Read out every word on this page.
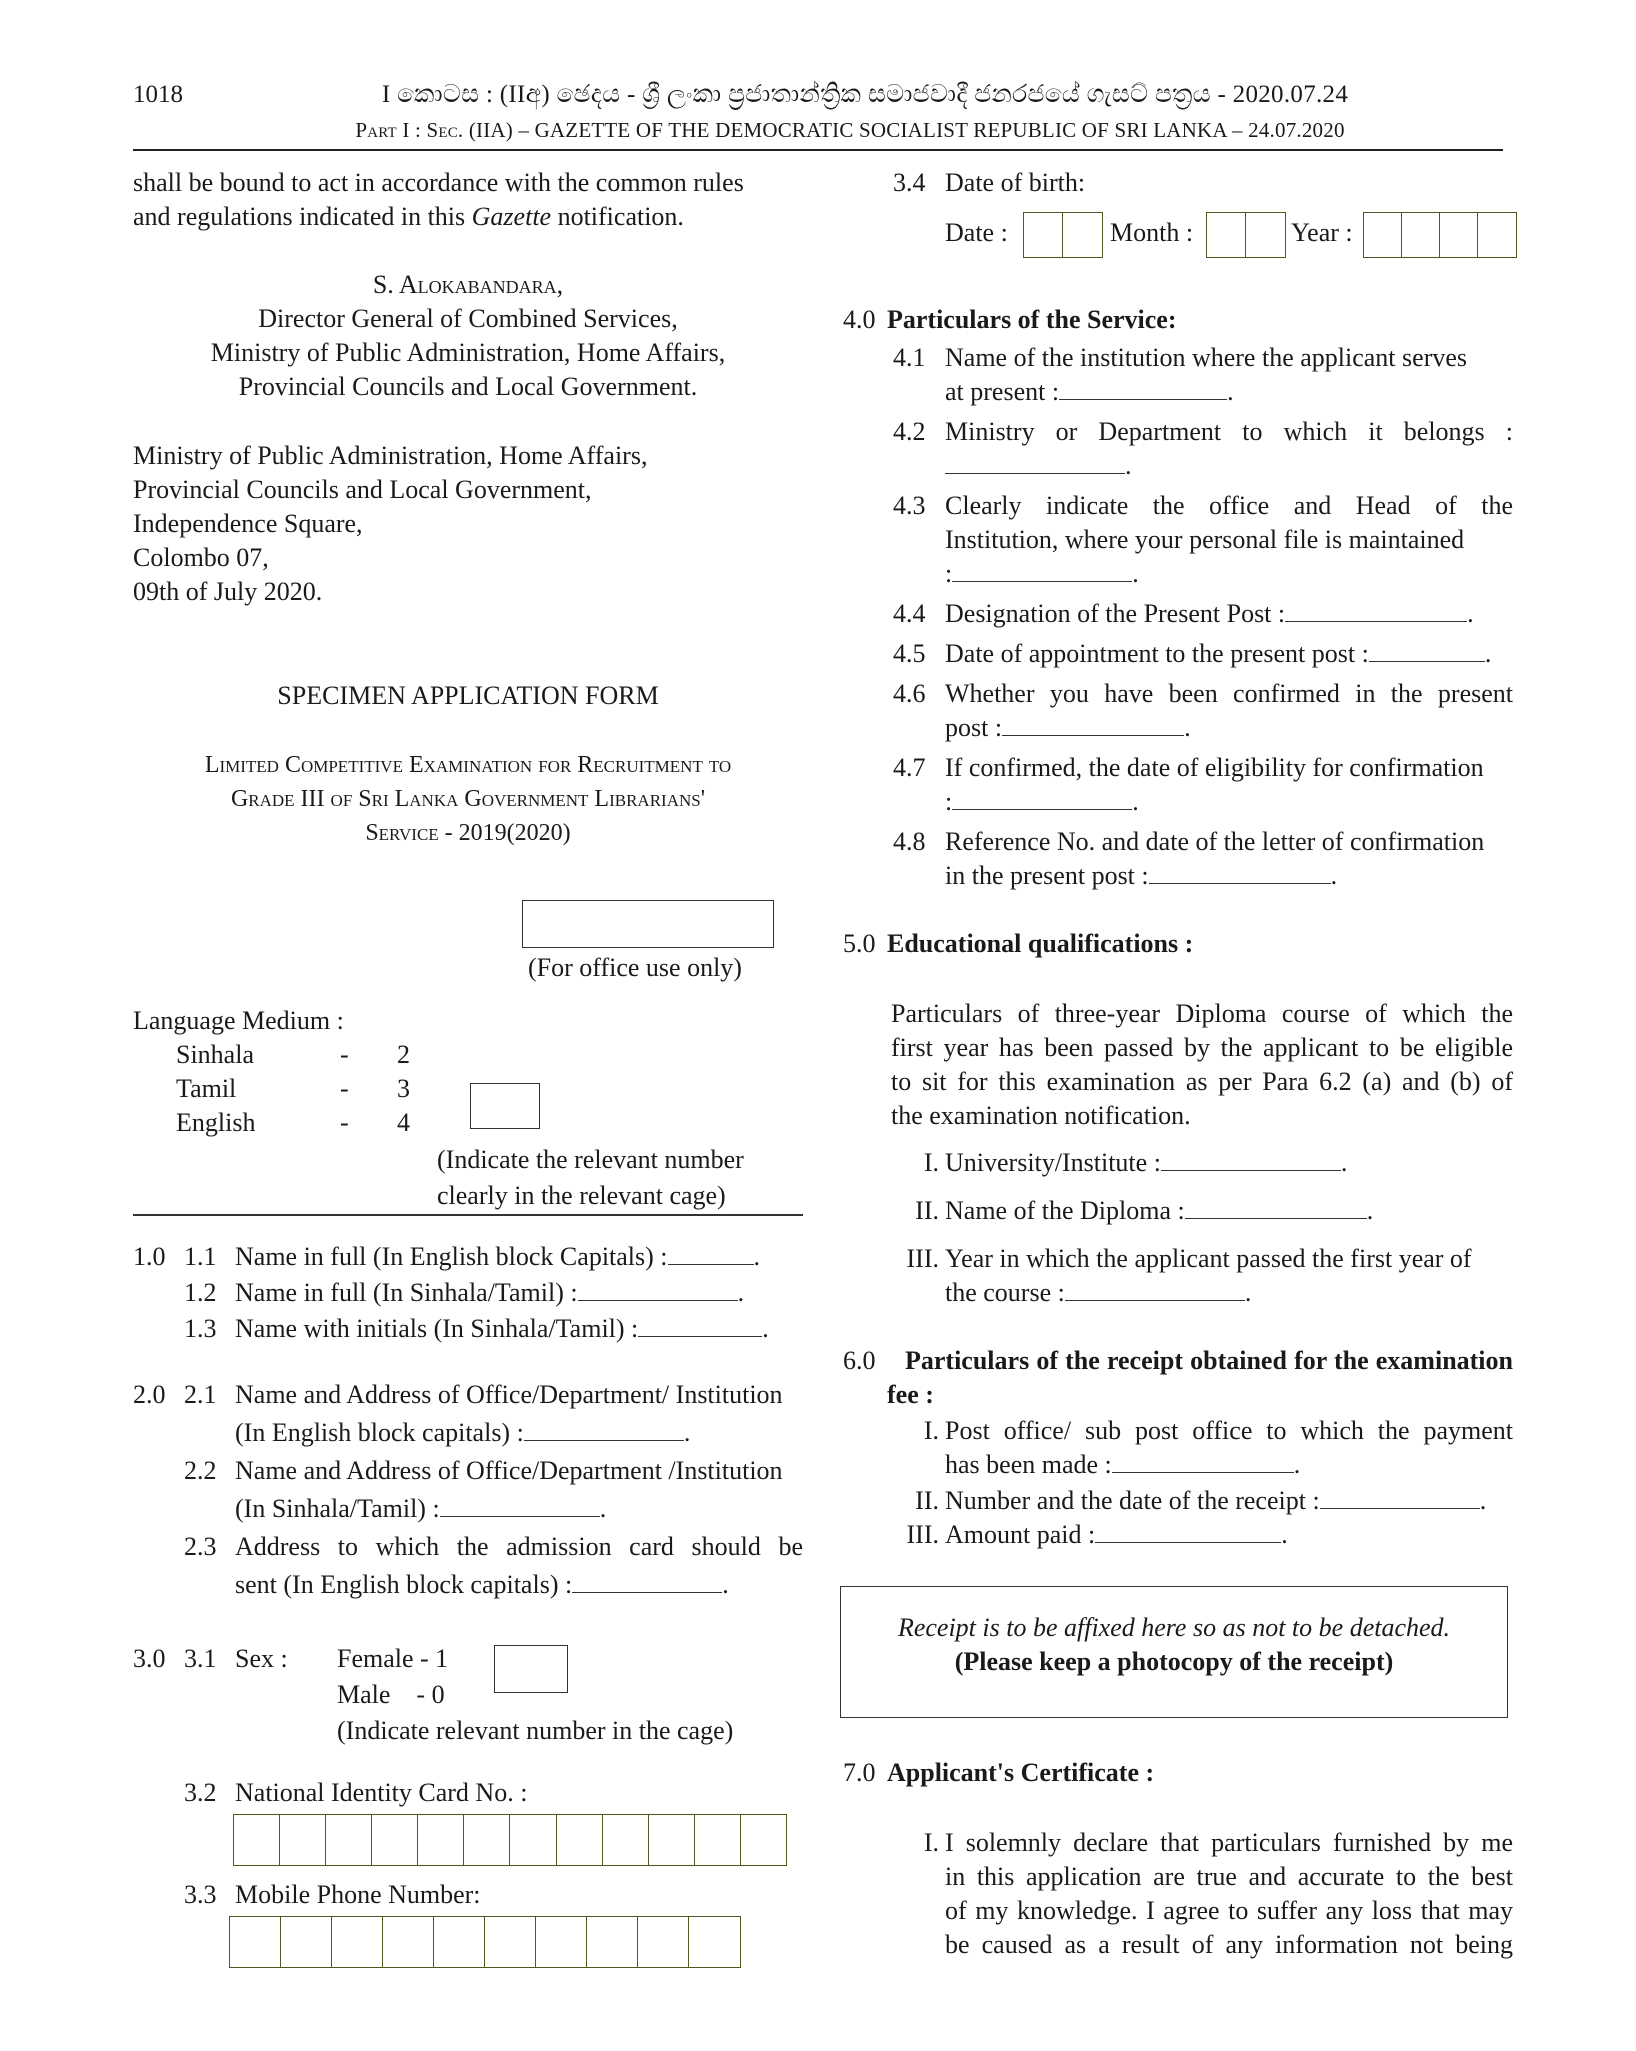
1018	I කොටස : (IIඅ) ඡෙදය - ශ්‍රී ලංකා ප්‍රජාතාන්ත්‍රික සමාජවාදී ජනරජයේ ගැසට් පත්‍රය - 2020.07.24
Part I : Sec. (IIA) – GAZETTE OF THE DEMOCRATIC SOCIALIST REPUBLIC OF SRI LANKA – 24.07.2020
shall be bound to act in accordance with the common rules
and regulations indicated in this Gazette notification.
S. Alokabandara,
Director General of Combined Services,
Ministry of Public Administration, Home Affairs,
Provincial Councils and Local Government.
Ministry of Public Administration, Home Affairs,
Provincial Councils and Local Government,
Independence Square,
Colombo 07,
09th of July 2020.
SPECIMEN APPLICATION FORM
Limited Competitive Examination for Recruitment to
Grade III of Sri Lanka Government Librarians'
Service - 2019(2020)
(For office use only)
Language Medium :
Sinhala	- 2
Tamil	- 3
English	- 4
(Indicate the relevant number
clearly in the relevant cage)
1.0 1.1 Name in full (In English block Capitals) :	.
1.2 Name in full (In Sinhala/Tamil) :	.
1.3 Name with initials (In Sinhala/Tamil) :	.
2.0 2.1 Name and Address of Office/Department/ Institution
(In English block capitals) :	.
2.2 Name and Address of Office/Department /Institution
(In Sinhala/Tamil) :	.
2.3 Address to which the admission card should be
sent (In English block capitals) :	.
3.0 3.1 Sex : Female - 1
Male    - 0
(Indicate relevant number in the cage)
3.2 National Identity Card No. :
3.3 Mobile Phone Number:
3.4 Date of birth:
Date :	Month :	Year :
4.0 Particulars of the Service:
4.1 Name of the institution where the applicant serves
at present :	.
4.2 Ministry or Department to which it belongs :
.
4.3 Clearly indicate the office and Head of the
Institution, where your personal file is maintained
:	.
4.4 Designation of the Present Post :	.
4.5 Date of appointment to the present post :	.
4.6 Whether you have been confirmed in the present
post :	.
4.7 If confirmed, the date of eligibility for confirmation
:	.
4.8 Reference No. and date of the letter of confirmation
in the present post :	.
5.0 Educational qualifications :
Particulars of three-year Diploma course of which the
first year has been passed by the applicant to be eligible
to sit for this examination as per Para 6.2 (a) and (b) of
the examination notification.
I. University/Institute :	.
II. Name of the Diploma :	.
III. Year in which the applicant passed the first year of
the course :	.
6.0 Particulars of the receipt obtained for the examination
fee :
I. Post office/ sub post office to which the payment
has been made :	.
II. Number and the date of the receipt :	.
III. Amount paid :	.
Receipt is to be affixed here so as not to be detached.
(Please keep a photocopy of the receipt)
7.0 Applicant's Certificate :
I. I solemnly declare that particulars furnished by me
in this application are true and accurate to the best
of my knowledge. I agree to suffer any loss that may
be caused as a result of any information not being
